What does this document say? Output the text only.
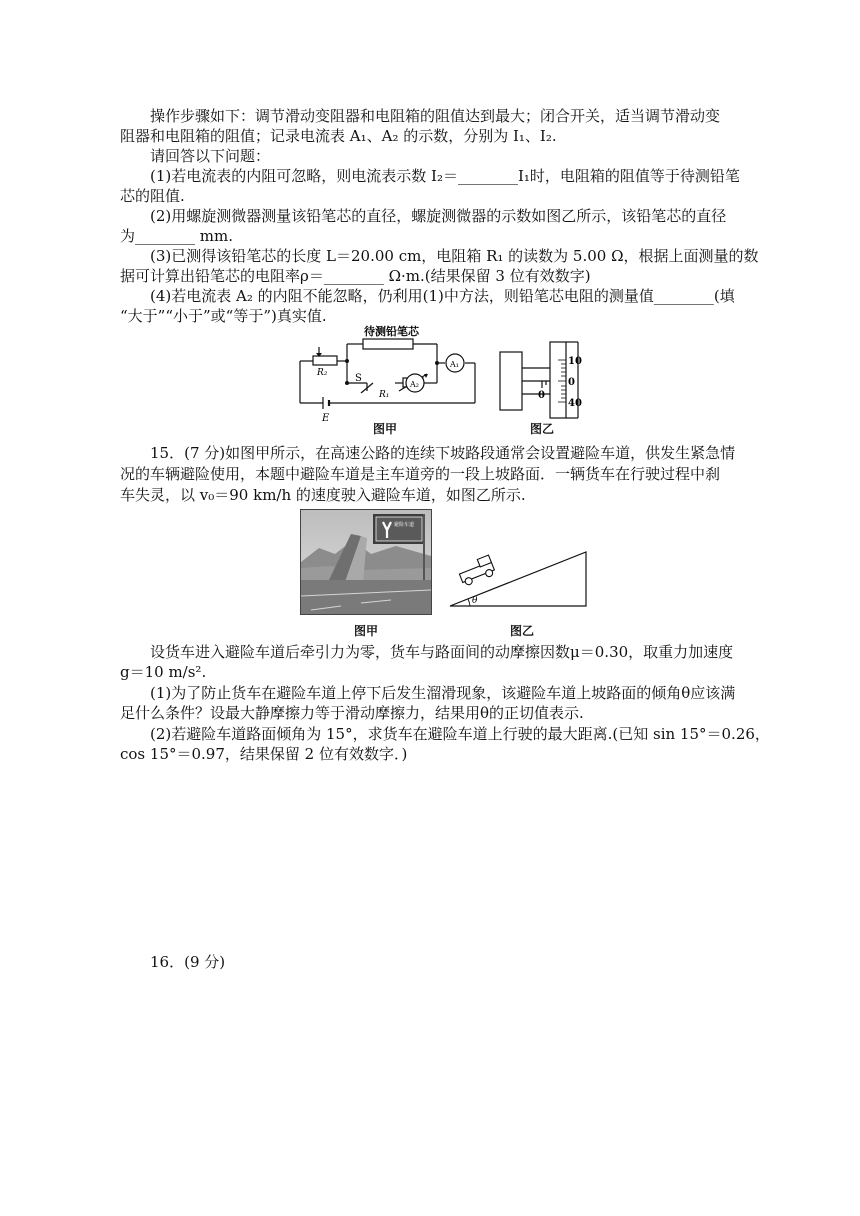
操作步骤如下：调节滑动变阻器和电阻箱的阻值达到最大；闭合开关，适当调节滑动变
阻器和电阻箱的阻值；记录电流表 A₁、A₂ 的示数，分别为 I₁、I₂.
请回答以下问题：
(1)若电流表的内阻可忽略，则电流表示数 I₂＝________I₁时，电阻箱的阻值等于待测铅笔
芯的阻值.
(2)用螺旋测微器测量该铅笔芯的直径，螺旋测微器的示数如图乙所示，该铅笔芯的直径
为________ mm.
(3)已测得该铅笔芯的长度 L＝20.00 cm，电阻箱 R₁ 的读数为 5.00 Ω，根据上面测量的数
据可计算出铅笔芯的电阻率ρ＝________ Ω·m.(结果保留 3 位有效数字)
(4)若电流表 A₂ 的内阻不能忽略，仍利用(1)中方法，则铅笔芯电阻的测量值________(填
“大于”“小于”或“等于”)真实值.
待测铅笔芯
A₁
A₂
R₂
R₁
S
E
图甲
10
0
40
0
图乙
15．(7 分)如图甲所示，在高速公路的连续下坡路段通常会设置避险车道，供发生紧急情
况的车辆避险使用，本题中避险车道是主车道旁的一段上坡路面．一辆货车在行驶过程中刹
车失灵，以 v₀＝90 km/h 的速度驶入避险车道，如图乙所示.
避险车道
图甲
θ
图乙
设货车进入避险车道后牵引力为零，货车与路面间的动摩擦因数μ＝0.30，取重力加速度
g＝10 m/s².
(1)为了防止货车在避险车道上停下后发生溜滑现象，该避险车道上坡路面的倾角θ应该满
足什么条件？设最大静摩擦力等于滑动摩擦力，结果用θ的正切值表示.
(2)若避险车道路面倾角为 15°，求货车在避险车道上行驶的最大距离.(已知 sin 15°＝0.26，
cos 15°＝0.97，结果保留 2 位有效数字．)
16．(9 分)
